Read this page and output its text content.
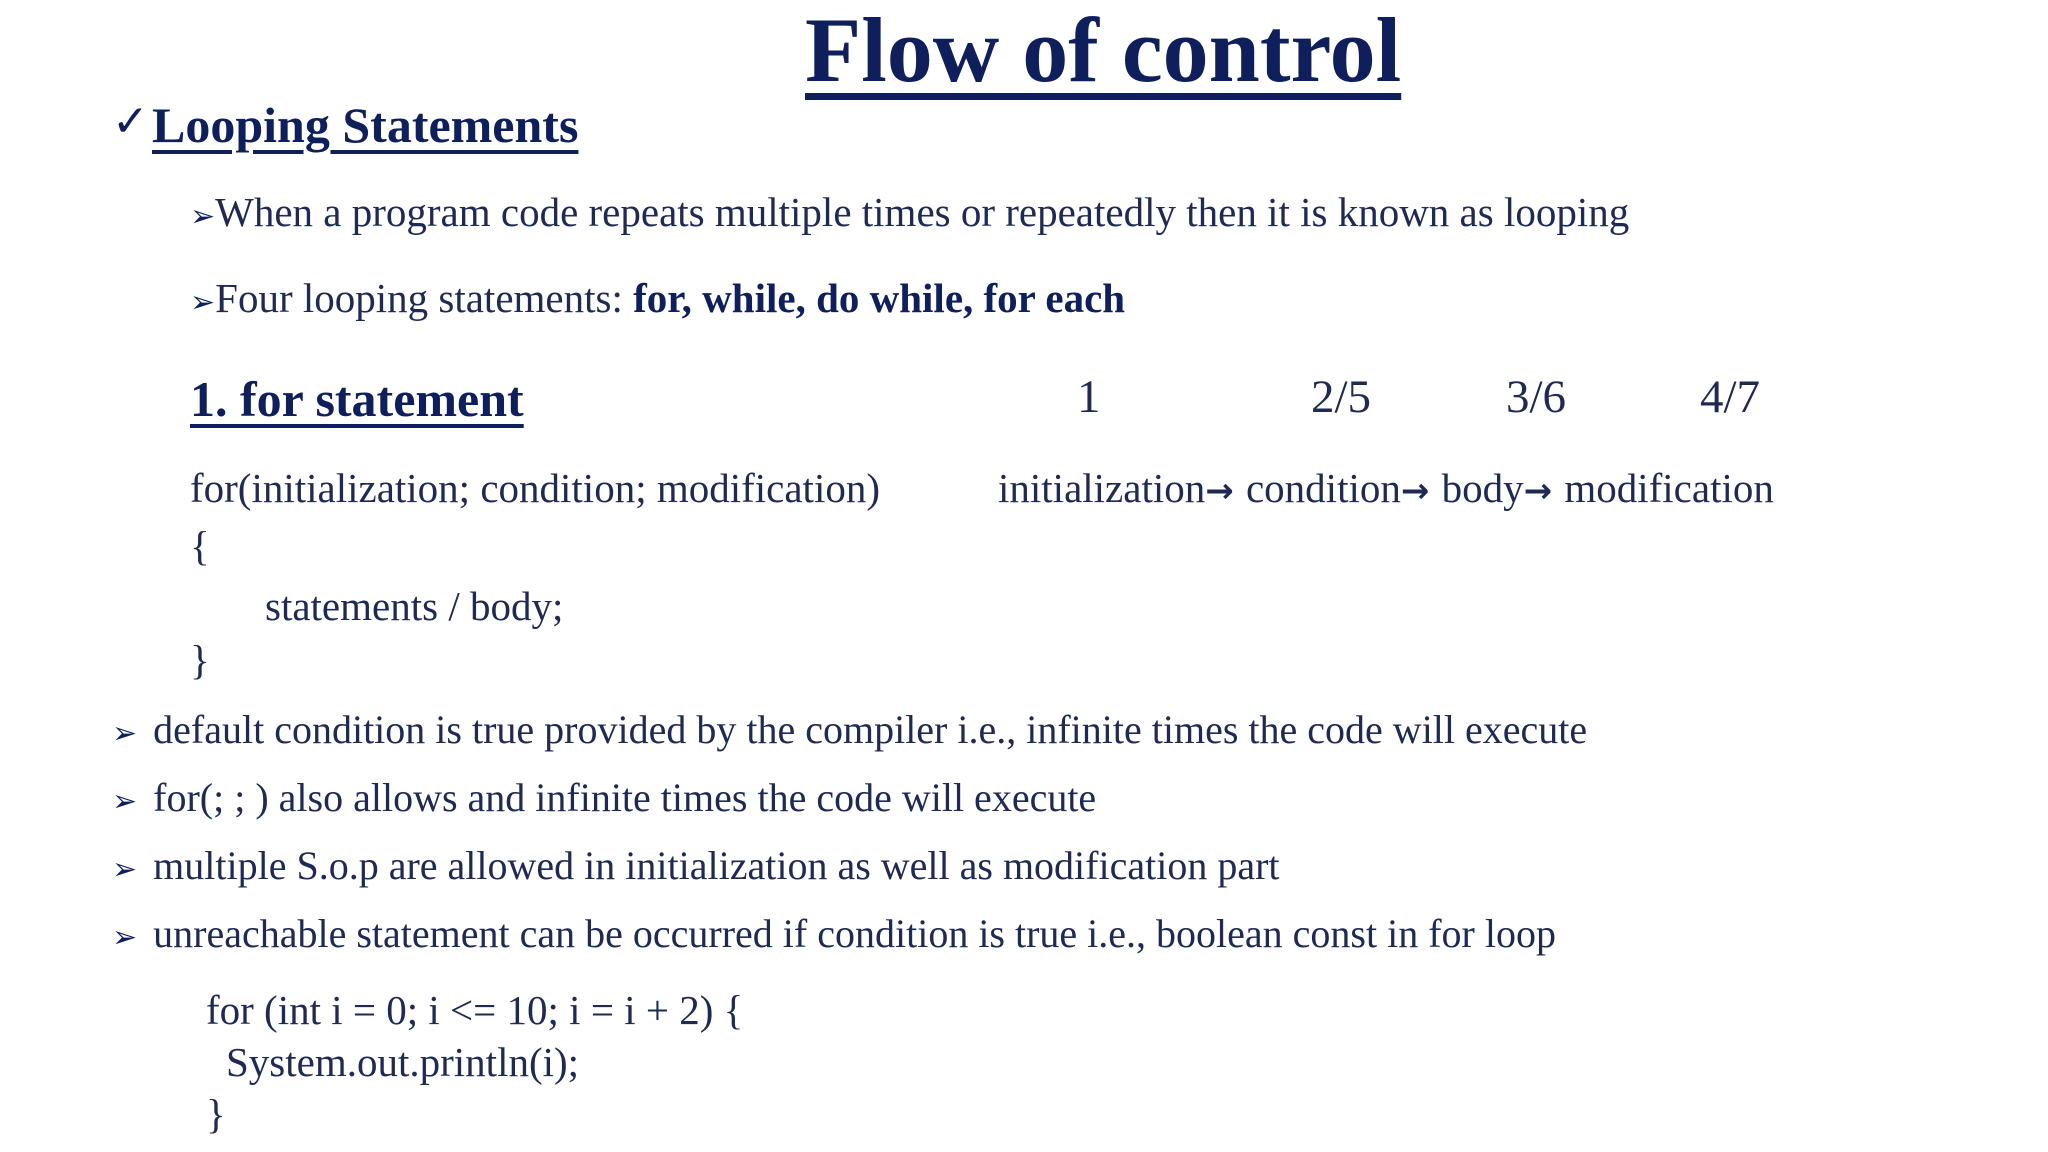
Flow of control
✓ Looping Statements
➢When a program code repeats multiple times or repeatedly then it is known as looping
➢Four looping statements: for, while, do while, for each
1. for statement	1	2/5	3/6	4/7
for(initialization; condition; modification)
{
statements / body;
}
initialization→ condition→ body→ modification
➢ default condition is true provided by the compiler i.e., infinite times the code will execute
➢ for(; ; ) also allows and infinite times the code will execute
➢ multiple S.o.p are allowed in initialization as well as modification part
➢ unreachable statement can be occurred if condition is true i.e., boolean const in for loop
for (int i = 0; i <= 10; i = i + 2) {
System.out.println(i);
}
